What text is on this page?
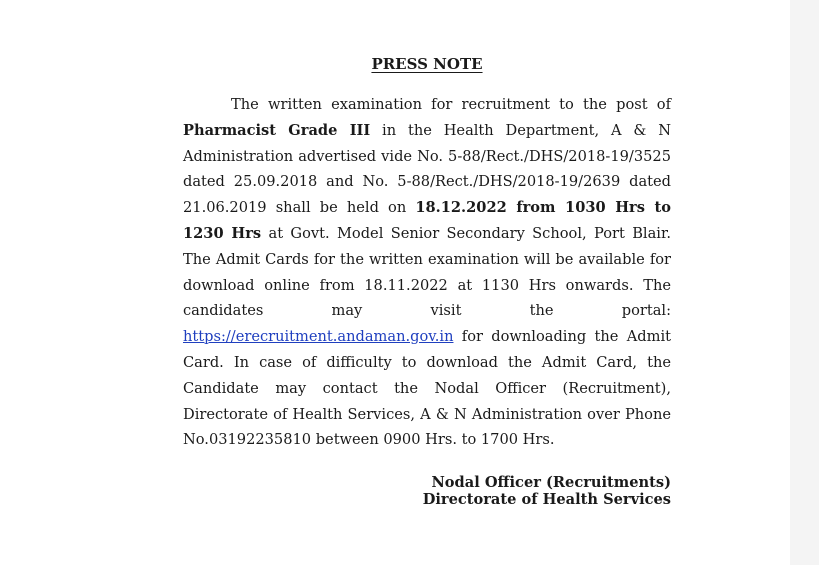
PRESS NOTE

The written examination for recruitment to the post of Pharmacist Grade III in the Health Department, A & N Administration advertised vide No. 5-88/Rect./DHS/2018-19/3525 dated 25.09.2018 and No. 5-88/Rect./DHS/2018-19/2639 dated 21.06.2019 shall be held on 18.12.2022 from 1030 Hrs to 1230 Hrs at Govt. Model Senior Secondary School, Port Blair. The Admit Cards for the written examination will be available for download online from 18.11.2022 at 1130 Hrs onwards. The candidates may visit the portal: https://erecruitment.andaman.gov.in for downloading the Admit Card. In case of difficulty to download the Admit Card, the Candidate may contact the Nodal Officer (Recruitment), Directorate of Health Services, A & N Administration over Phone No.03192235810 between 0900 Hrs. to 1700 Hrs.

Nodal Officer (Recruitments)
Directorate of Health Services
